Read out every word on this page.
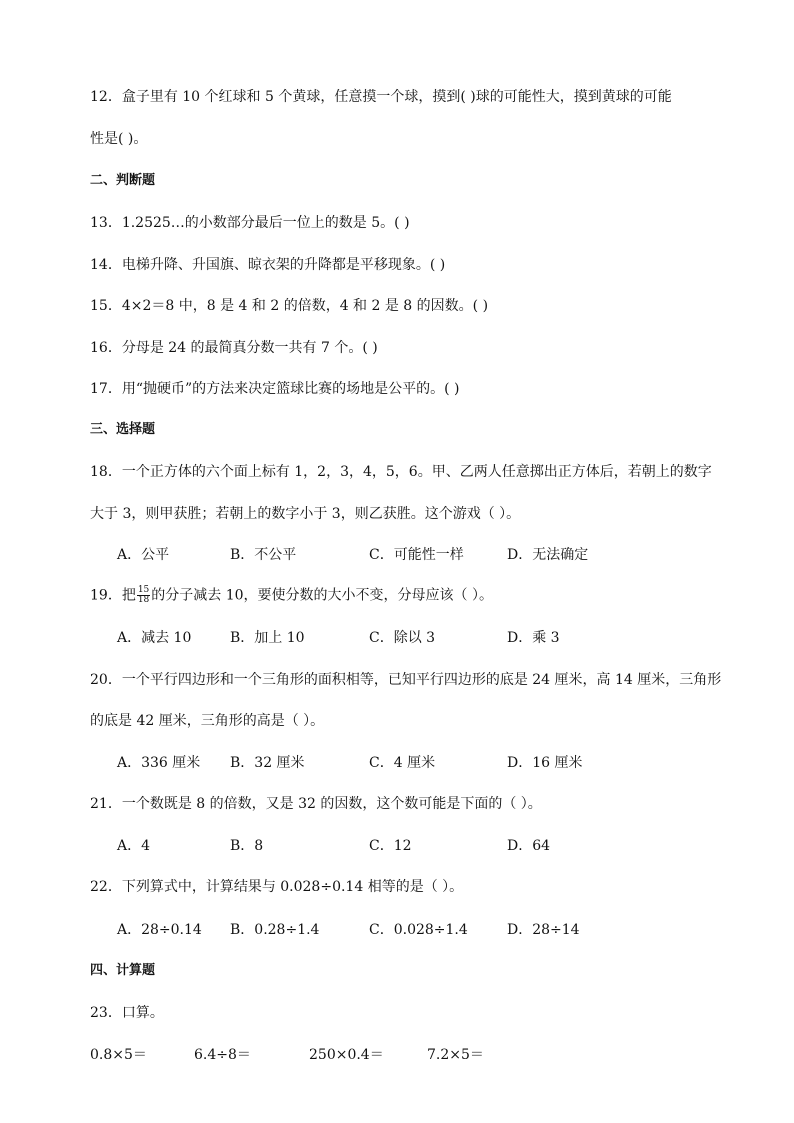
12．盒子里有 10 个红球和 5 个黄球，任意摸一个球，摸到( )球的可能性大，摸到黄球的可能
性是( )。
二、判断题
13．1.2525…的小数部分最后一位上的数是 5。( )
14．电梯升降、升国旗、晾衣架的升降都是平移现象。( )
15．4×2＝8 中，8 是 4 和 2 的倍数，4 和 2 是 8 的因数。( )
16．分母是 24 的最简真分数一共有 7 个。( )
17．用“抛硬币”的方法来决定篮球比赛的场地是公平的。( )
三、选择题
18．一个正方体的六个面上标有 1，2，3，4，5，6。甲、乙两人任意掷出正方体后，若朝上的数字
大于 3，则甲获胜；若朝上的数字小于 3，则乙获胜。这个游戏（ ）。
A．公平	B．不公平	C．可能性一样	D．无法确定
19．把 $\frac{15}{18}$ 的分子减去 10，要使分数的大小不变，分母应该（ ）。
A．减去 10	B．加上 10	C．除以 3	D．乘 3
20．一个平行四边形和一个三角形的面积相等，已知平行四边形的底是 24 厘米，高 14 厘米，三角形
的底是 42 厘米，三角形的高是（ ）。
A．336 厘米 B．32 厘米	C．4 厘米	D．16 厘米
21．一个数既是 8 的倍数，又是 32 的因数，这个数可能是下面的（ ）。
A．4	B．8	C．12	D．64
22．下列算式中，计算结果与 0.028÷0.14 相等的是（ ）。
A．28÷0.14 B．0.28÷1.4	C．0.028÷1.4	D．28÷14
四、计算题
23．口算。
0.8×5＝	6.4÷8＝	250×0.4＝	7.2×5＝
